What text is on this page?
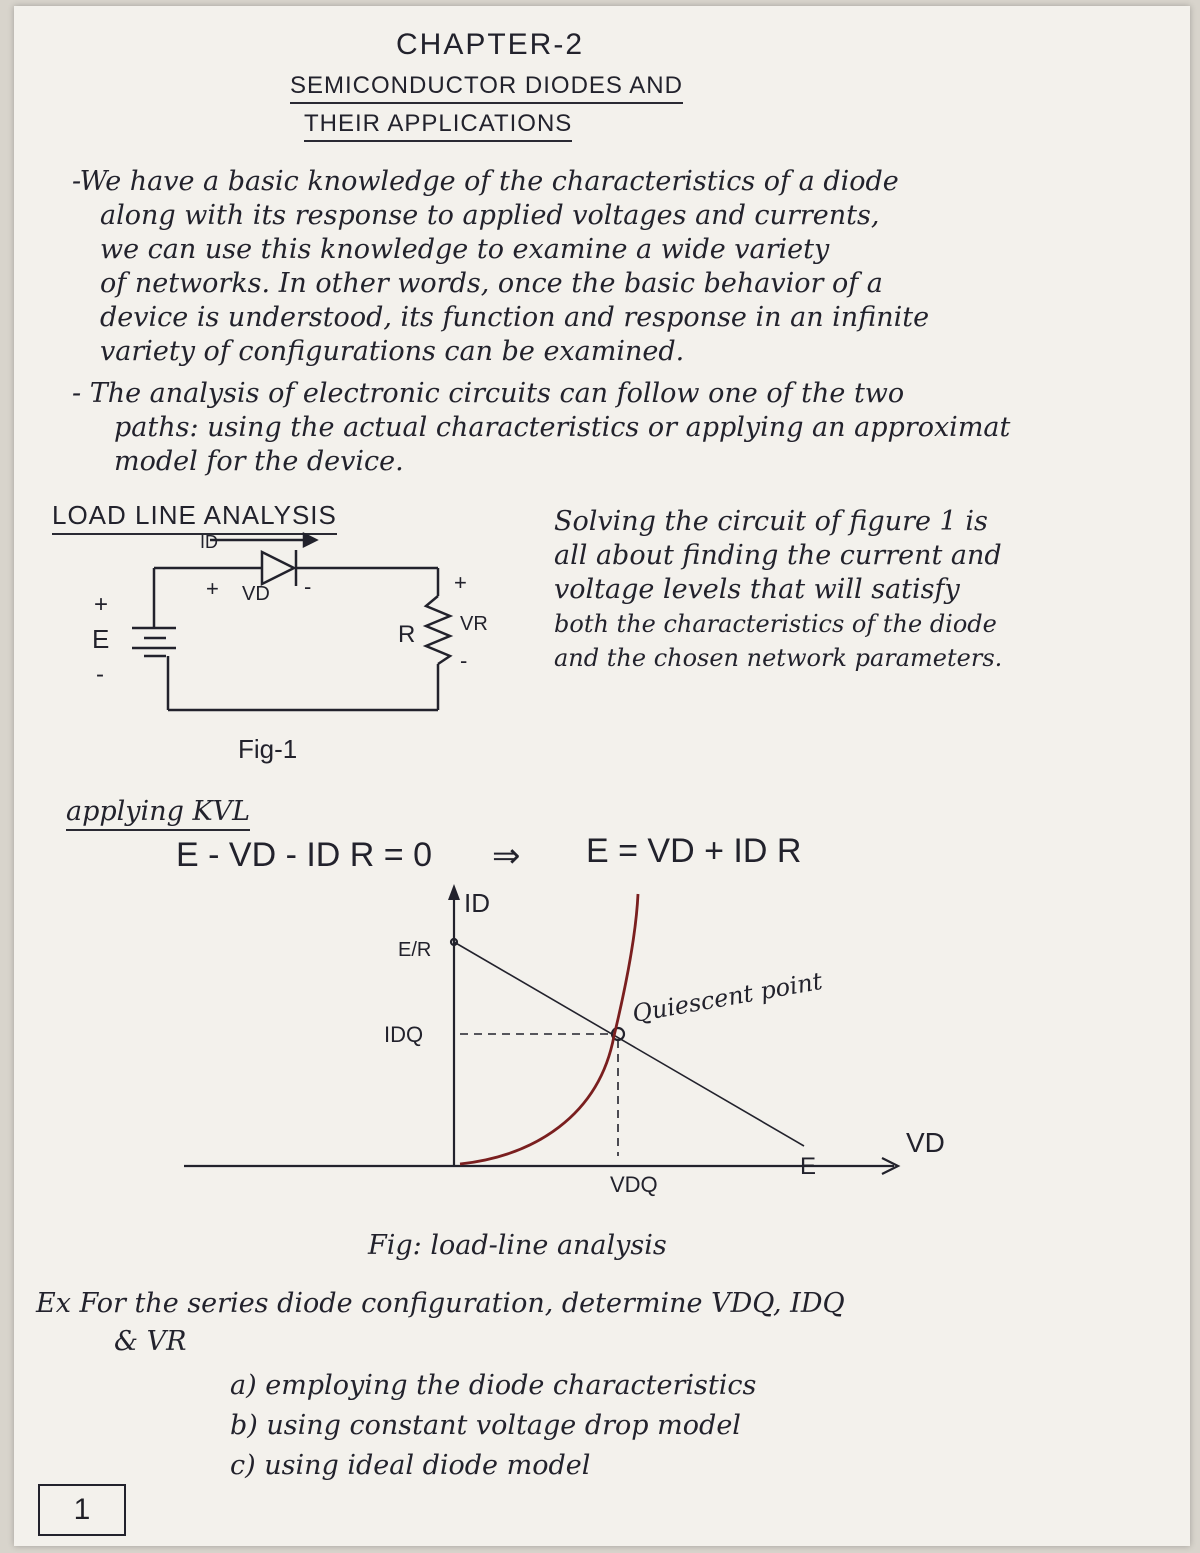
CHAPTER-2
SEMICONDUCTOR DIODES AND
THEIR APPLICATIONS
-We have a basic knowledge of the characteristics of a diode
along with its response to applied voltages and currents,
we can use this knowledge to examine a wide variety
of networks. In other words, once the basic behavior of a
device is understood, its function and response in an infinite
variety of configurations can be examined.
- The analysis of electronic circuits can follow one of the two
paths: using the actual characteristics or applying an approximat
model for the device.
LOAD LINE ANALYSIS	Solving the circuit of figure 1 is
all about finding the current and
voltage levels that will satisfy
both the characteristics of the diode
and the chosen network parameters.
ID
+ VD -
+
E
-
R
+
VR
-
ID
E/R
IDQ
Quiescent point
VDQ
E
VD
Fig-1
applying KVL
E - VD - ID R = 0 ⇒ E = VD + ID R
Fig: load-line analysis
Ex For the series diode configuration, determine VDQ, IDQ
& VR
a) employing the diode characteristics
b) using constant voltage drop model
c) using ideal diode model
1
